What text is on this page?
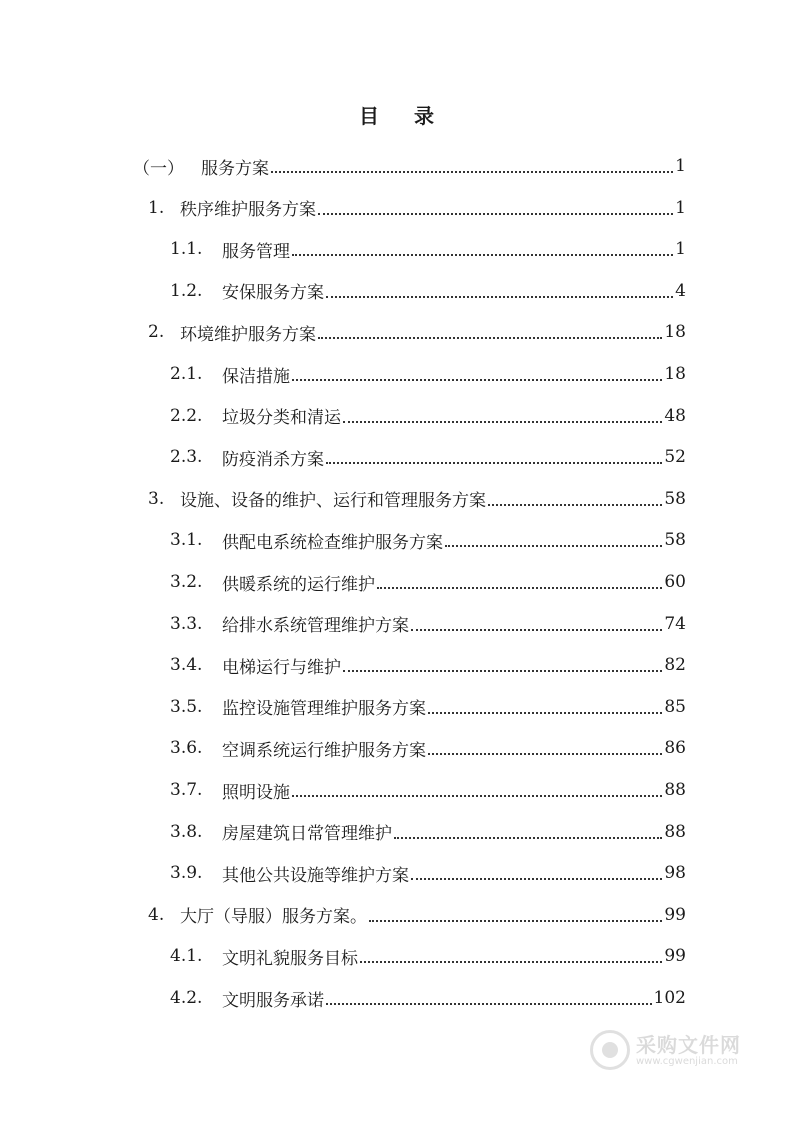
目 录
（一）	服务方案	1
1. 秩序维护服务方案	1
1.1.	服务管理	1
1.2.	安保服务方案	4
2. 环境维护服务方案	18
2.1.	保洁措施	18
2.2.	垃圾分类和清运	48
2.3.	防疫消杀方案	52
3. 设施、设备的维护、运行和管理服务方案	58
3.1.	供配电系统检查维护服务方案	58
3.2.	供暖系统的运行维护	60
3.3.	给排水系统管理维护方案	74
3.4.	电梯运行与维护	82
3.5.	监控设施管理维护服务方案	85
3.6.	空调系统运行维护服务方案	86
3.7.	照明设施	88
3.8.	房屋建筑日常管理维护	88
3.9.	其他公共设施等维护方案	98
4. 大厅（导服）服务方案。	99
4.1.	文明礼貌服务目标	99
4.2.	文明服务承诺	102
采购文件网
www.cgwenjian.com
